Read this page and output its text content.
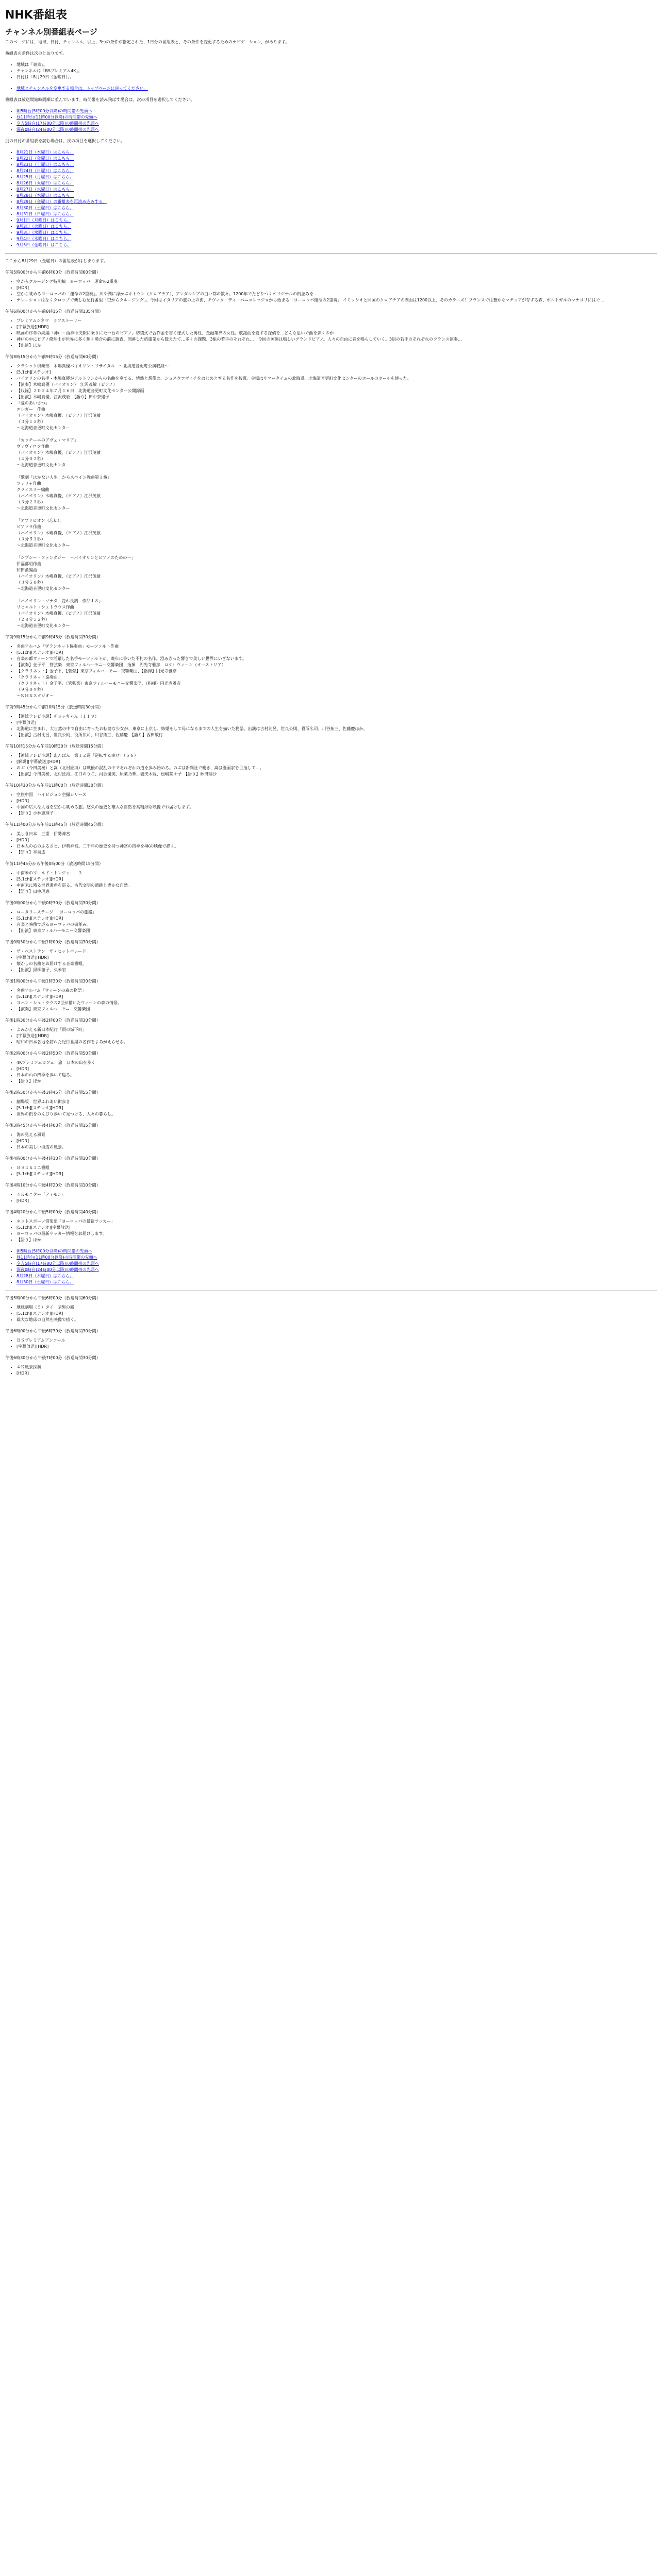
NHK番組表
チャンネル別番組表ページ

このページには、地域、日付、チャンネル、以上、3つの条件が指定された、1日分の番組表と、その条件を変更するためのナビゲーション、があります。

番組表の条件は次のとおりです。

• 地域は「東京」。
• チャンネルは「BSプレミアム4K」。
• 日付は「8月29日（金曜日）」。
• 地域とチャンネルを変更する場合は、トップページに戻ってください。

番組表は放送開始時間順に並んでいます。時間帯を読み飛ばす場合は、次の項目を選択してください。

• 朝5時台(5時00分以降)の時間帯の先頭へ
• 昼11時台(11時00分以降)の時間帯の先頭へ
• 夕方5時台(17時00分以降)の時間帯の先頭へ
• 深夜0時台(24時00分以降)の時間帯の先頭へ

別の日付の番組表を読む場合は、次の項目を選択してください。

• 8月21日（木曜日）はこちら。
• 8月22日（金曜日）はこちら。
• 8月23日（土曜日）はこちら。
• 8月24日（日曜日）はこちら。
• 8月25日（月曜日）はこちら。
• 8月26日（火曜日）はこちら。
• 8月27日（水曜日）はこちら。
• 8月28日（木曜日）はこちら。
• 8月29日（金曜日）の番組表を再読み込みする。
• 8月30日（土曜日）はこちら。
• 8月31日（日曜日）はこちら。
• 9月1日（月曜日）はこちら。
• 9月2日（火曜日）はこちら。
• 9月3日（水曜日）はこちら。
• 9月4日（木曜日）はこちら。
• 9月5日（金曜日）はこちら。

ここから8月29日（金曜日）の番組表がはじまります。

午前5時00分から午前6時00分（放送時間60分間）

• 空からクルージング特別編　ヨーロッパ　運命の2重奏
• [HDR]
• 空から眺めるヨーロッパの「運命の2重奏」。川や湖に浮かぶキトウン（クロアチア）、アンダルシアの白い都の数々。1200年でたどりつくオリジナルの街並みを…
• ナレーションはなくクロップで楽しむ紀行番組「空からクルージング」。今回はイタリアの旅の上の街、チヴィタ・ディ・バニョレッジョから始まる「ヨーロッパ運命の2重奏」 イミッシオと同国のクロアチアの湖面は1200以上、そのカラーズ！フランスでは豊かなマチュアが存する森、ポルトガルのマナヨリにはモ…

午前6時00分から午前8時15分（放送時間135分間）

• プレミアムシネマ　ラブストーリー
• [字幕放送][HDR]
• 映画の序章の続編「神戸・西神中央駅に乗りにた一台のピアノ」紡績式で合作金を書く様式した男性、金融業界の女性。歌謡曲を愛する探偵を…どんな思いで曲を弾くのか
• 神戸の中にピアノ修理士が世界に多く輝く場合の前に調査、開幕した紡績業から数えたて…多くの課題、3組の若手のそれぞれ…　今回の画調は鳴しいグランドピアノ。人々の自由に音を鳴らしていく。3組の若手のそれぞれのフランス演奏…
• 【出演】ほか

午前8時15分から午前9時15分（放送時間60分間）

• クラシック倶楽部　木嶋真優バイオリン・リサイタル　～北海道音更町公演収録～
• [5.1ch][ステレオ]
• バイオリンの名手・木嶋真優がアルトランからの名曲を奏でる、情熱と想像の、ショスタコヴィチをはじめとする名作を披露。会場はサマータイムの北海道、北海道音更町文化センターのホールのホールを使った。
• 【演奏】木嶋真優（バイオリン）　江沢茂敏（ピアノ）
• 【収録】２０２４年７月１６日　北海道音更町文化センター公開録画
• 【出演】木嶋真優、江沢茂敏　【語り】田中奈緒子
• 「愛のあいさつ」
エルガー　作曲
（バイオリン）木嶋真優、（ピアノ）江沢茂敏
（３分１５秒）
～北海道音更町文化センター

「カッチーニのアヴェ・マリア」
ヴァヴィロフ作曲
（バイオリン）木嶋真優、（ピアノ）江沢茂敏
（４分０２秒）
～北海道音更町文化センター

「歌劇「はかない人生」からスペイン舞曲第１番」
ファリャ作曲
クライスラー編曲
（バイオリン）木嶋真優、（ピアノ）江沢茂敏
（３分２３秒）
～北海道音更町文化センター

「オブリビオン（忘却）」
ピアソラ作曲
（バイオリン）木嶋真優、（ピアノ）江沢茂敏
（３分５３秒）
～北海道音更町文化センター

「ジプシー・ファンタジー　～バイオリンとピアノのための～」
伊福部昭作曲
和田薫編曲
（バイオリン）木嶋真優、（ピアノ）江沢茂敏
（３分５０秒）
～北海道音更町文化センター

「バイオリン・ソナタ　変ホ長調　作品１８」
リヒャルト・シュトラウス作曲
（バイオリン）木嶋真優、（ピアノ）江沢茂敏
（２８分５２秒）
～北海道音更町文化センター

午前9時15分から午前9時45分（放送時間30分間）

• 名曲アルバム「ヴラシネット協奏曲」モーツァルト作曲
• [5.1ch][ステレオ][HDR]
• 音楽の都ウィーンで活躍した名手モーツァルトが、晩年に書いた不朽の名作。澄みきった響きで美しい世界にいざないます。
• 【演奏】金子平　管弦楽　東京フィルハーモニー交響楽団　指揮　円光寺雅彦　ロケ：ウィーン（オーストリア）
• 【クラリネット】金子平、【管弦】東京フィルハーモニー交響楽団、【指揮】円光寺雅彦
• 「クラリネット協奏曲」
（クラリネット）金子平、（管弦楽）東京フィルハーモニー交響楽団、（指揮）円光寺雅彦
（９分０９秒）
～ＮＨＫスタジオ～

午前9時45分から午前10時15分（放送時間30分間）

• 【連続テレビ小説】チョッちゃん（１１９）
• [字幕放送]
• 北海道に生まれ、大自然の中で自由に育ったお転婆な少女が、東京に上京し、結婚をして母になるまでの人生を描いた物語。出演は古村比呂、世良公則、役所広司、川谷拓三、佐藤慶ほか。
• 【出演】古村比呂、世良公則、役所広司、川谷拓三、佐藤慶　【語り】西田敏行

午前10時15分から午前10時30分（放送時間15分間）

• 【連続テレビ小説】あんぱん　第１２週「逆転する幸せ」（５６）
• [解説][字幕放送][HDR]
• のぶ（今田美桜）と嵩（北村匠海）は戦後の混乱の中でそれぞれの道を歩み始める。のぶは新聞社で働き、嵩は漫画家を目指して…。
• 【出演】今田美桜、北村匠海、江口のりこ、河合優実、原菜乃華、妻夫木聡、松嶋菜々子　【語り】林田理沙

午前10時30分から午前11時00分（放送時間30分間）

• 空旅中国　ハイビジョン空撮シリーズ
• [HDR]
• 中国の広大な大地を空から眺める旅。悠久の歴史と雄大な自然を高精細な映像でお届けします。
• 【語り】小林恵理子

午前11時00分から午前11時45分（放送時間45分間）

• 美しき日本　三重　伊勢神宮
• [HDR]
• 日本人の心のふるさと、伊勢神宮。二千年の歴史を持つ神宮の四季を4Kの映像で描く。
• 【語り】平泉成

午前11時45分から午後0時00分（放送時間15分間）

• 中南米のワールド・トレジャー　３
• [5.1ch][ステレオ][HDR]
• 中南米に残る世界遺産を巡る。古代文明の遺跡と豊かな自然。
• 【語り】田中理恵

午後0時00分から午後0時30分（放送時間30分間）

• ロータリーステージ　「ヨーロッパの旅路」
• [5.1ch][ステレオ][HDR]
• 音楽と映像で巡るヨーロッパの街並み。
• 【出演】東京フィルハーモニー交響楽団

午後0時30分から午後1時00分（放送時間30分間）

• ザ・ベストテン　ザ・ヒットパレード
• [字幕放送][HDR]
• 懐かしの名曲をお届けする音楽番組。
• 【出演】黒柳徹子、久米宏

午後1時00分から午後1時30分（放送時間30分間）

• 名曲アルバム「ウィーンの森の物語」
• [5.1ch][ステレオ][HDR]
• ヨハン・シュトラウス2世が描いたウィーンの森の情景。
• 【演奏】東京フィルハーモニー交響楽団

午後1時30分から午後2時00分（放送時間30分間）

• よみがえる新日本紀行「雨の城下町」
• [字幕放送][HDR]
• 昭和の日本各地を訪ねた紀行番組の名作をよみがえらせる。

午後2時00分から午後2時50分（放送時間50分間）

• 4Kプレミアムカフェ　旅　日本の山を歩く
• [HDR]
• 日本の山の四季を歩いて巡る。
• 【語り】ほか

午後2時50分から午後3時45分（放送時間55分間）

• 劇場版　世界ふれあい街歩き
• [5.1ch][ステレオ][HDR]
• 世界の街をのんびり歩いて見つける、人々の暮らし。

午後3時45分から午後4時00分（放送時間15分間）

• 海の見える風景
• [HDR]
• 日本の美しい海辺の風景。

午後4時00分から午後4時10分（放送時間10分間）

• ＢＳ４Ｋミニ番組
• [5.1ch][ステレオ][HDR]

午後4時10分から午後4時20分（放送時間10分間）

• ４Ｋモニター「ティモン」
• [HDR]

午後4時20分から午後5時00分（放送時間40分間）

• ネットスポーツ倶楽部「ヨーロッパの最新サッカー」
• [5.1ch][ステレオ][字幕放送]
• ヨーロッパの最新サッカー情報をお届けします。
• 【語り】ほか
• 朝5時台(5時00分以降)の時間帯の先頭へ
• 昼11時台(11時00分以降)の時間帯の先頭へ
• 夕方5時台(17時00分以降)の時間帯の先頭へ
• 深夜0時台(24時00分以降)の時間帯の先頭へ
• 8月28日（木曜日）はこちら。
• 8月30日（土曜日）はこちら。

午後5時00分から午後6時00分（放送時間60分間）

• 地球劇場（５）タイ　暗黒の霧
• [5.1ch][ステレオ][HDR]
• 雄大な地球の自然を映像で描く。

午後6時00分から午後6時30分（放送時間30分間）

• ＢＳプレミアムアンコール
• [字幕放送][HDR]

午後6時30分から午後7時00分（放送時間30分間）

• ４Ｋ風景探訪
• [HDR]
